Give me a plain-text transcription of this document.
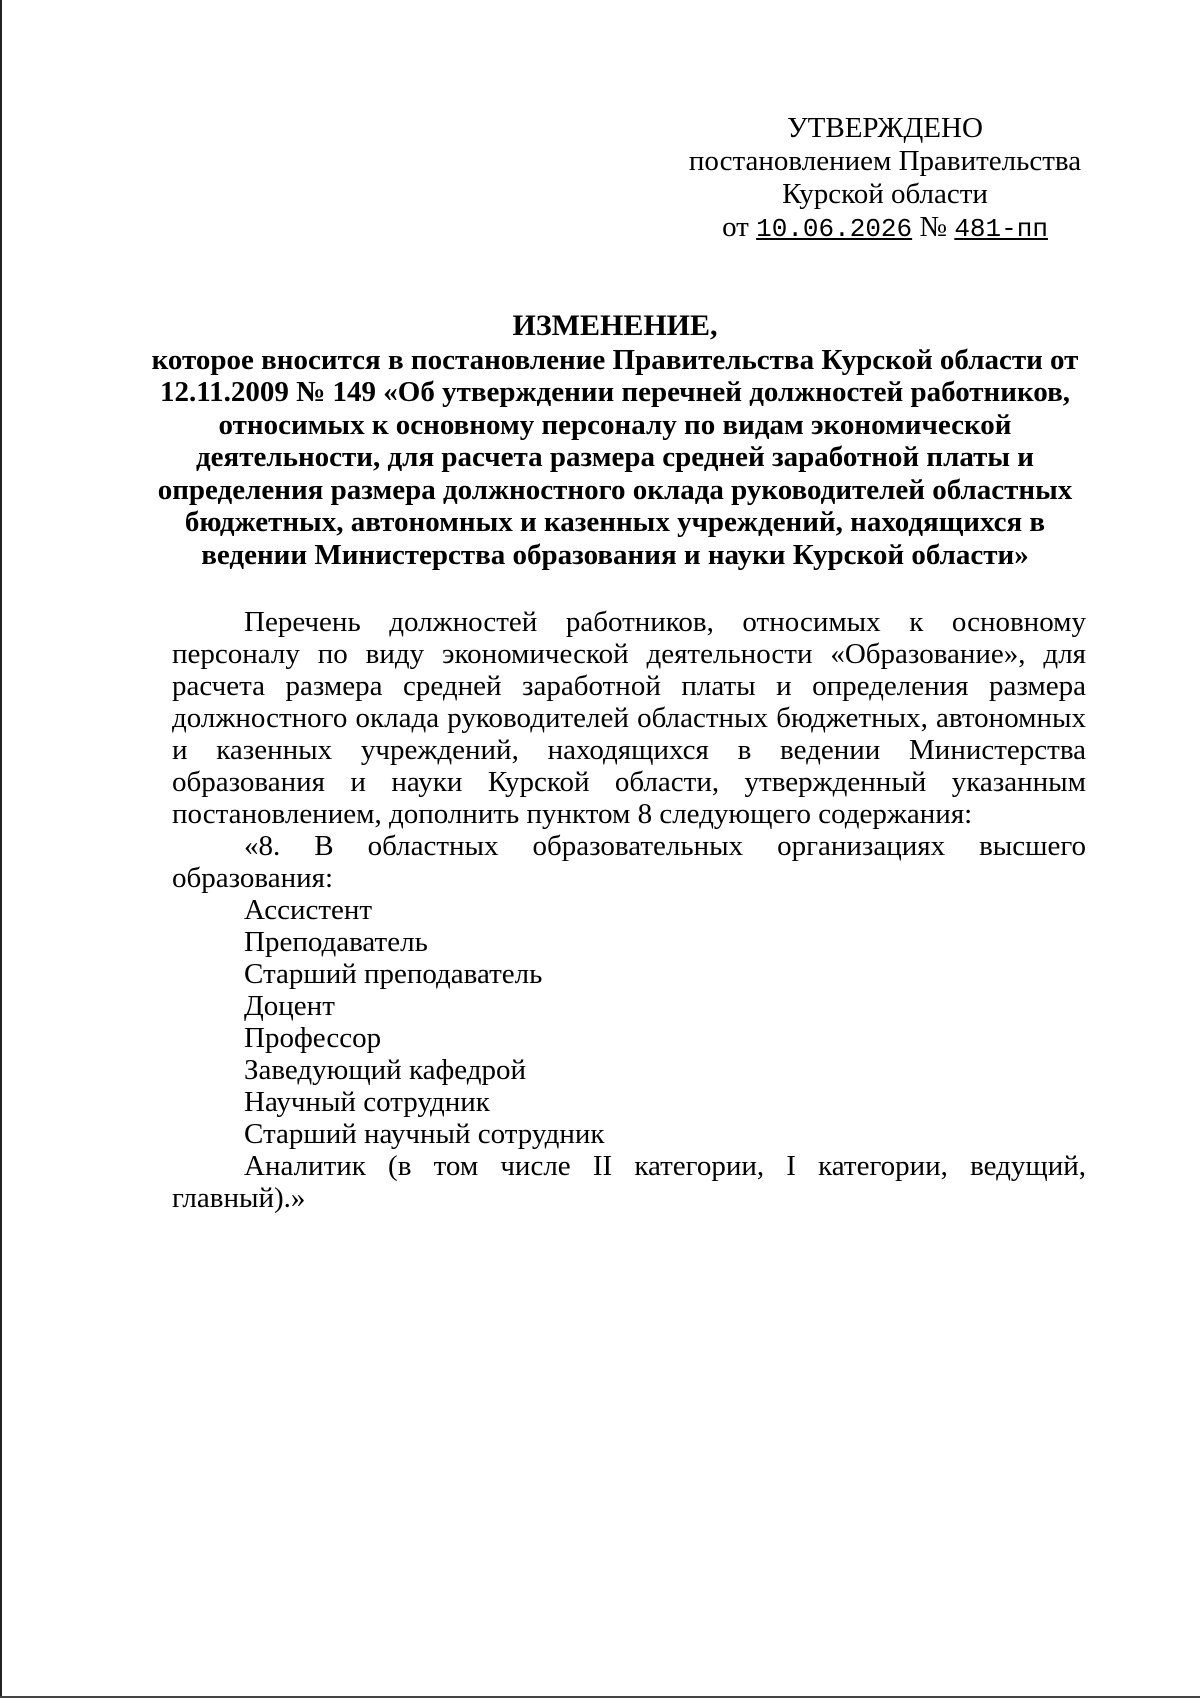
УТВЕРЖДЕНО
постановлением Правительства
Курской области
от 10.06.2026 № 481-пп
ИЗМЕНЕНИЕ,
которое вносится в постановление Правительства Курской области от
12.11.2009 № 149 «Об утверждении перечней должностей работников,
относимых к основному персоналу по видам экономической
деятельности, для расчета размера средней заработной платы и
определения размера должностного оклада руководителей областных
бюджетных, автономных и казенных учреждений, находящихся в
ведении Министерства образования и науки Курской области»
Перечень должностей работников, относимых к основному
персоналу по виду экономической деятельности «Образование», для
расчета размера средней заработной платы и определения размера
должностного оклада руководителей областных бюджетных, автономных
и казенных учреждений, находящихся в ведении Министерства
образования и науки Курской области, утвержденный указанным
постановлением, дополнить пунктом 8 следующего содержания:
«8. В областных образовательных организациях высшего
образования:
Ассистент
Преподаватель
Старший преподаватель
Доцент
Профессор
Заведующий кафедрой
Научный сотрудник
Старший научный сотрудник
Аналитик (в том числе II категории, I категории, ведущий,
главный).»
